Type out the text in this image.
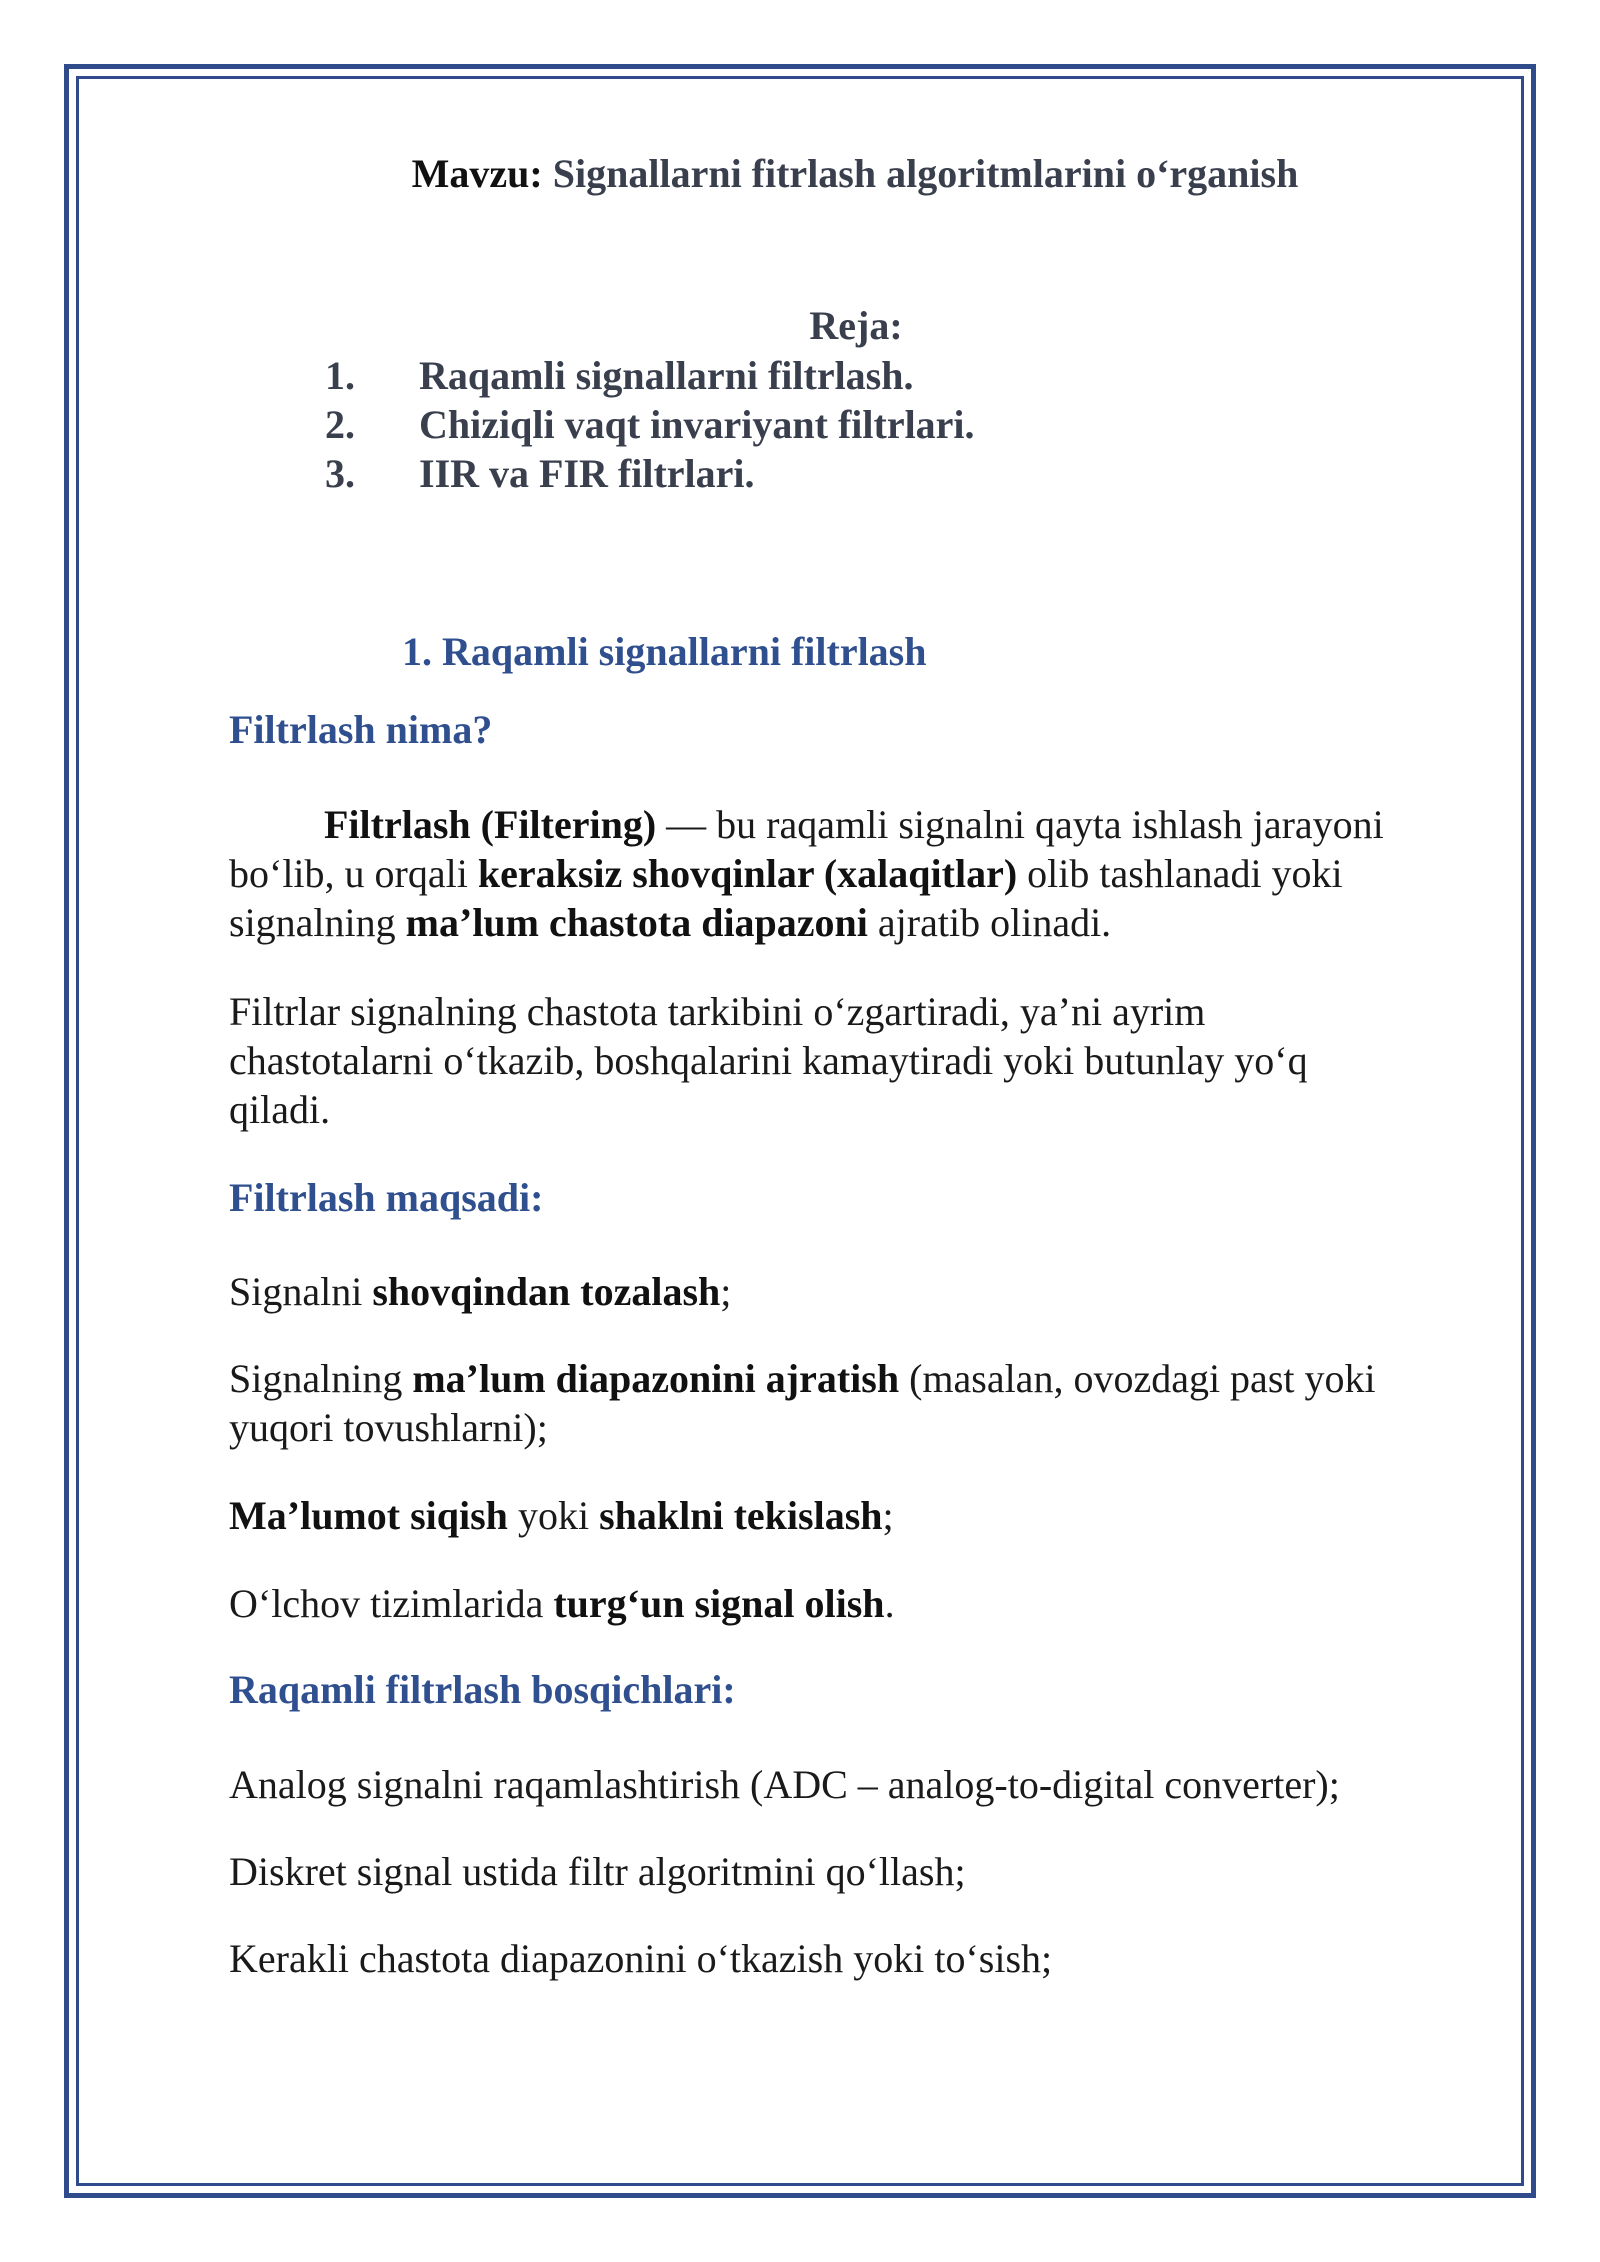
Mavzu: Signallarni fitrlash algoritmlarini o‘rganish
Reja:
1. Raqamli signallarni filtrlash.
2. Chiziqli vaqt invariyant filtrlari.
3. IIR va FIR filtrlari.
1. Raqamli signallarni filtrlash
Filtrlash nima?
Filtrlash (Filtering) — bu raqamli signalni qayta ishlash jarayoni bo‘lib, u orqali keraksiz shovqinlar (xalaqitlar) olib tashlanadi yoki signalning ma’lum chastota diapazoni ajratib olinadi.
Filtrlar signalning chastota tarkibini o‘zgartiradi, ya’ni ayrim chastotalarni o‘tkazib, boshqalarini kamaytiradi yoki butunlay yo‘q qiladi.
Filtrlash maqsadi:
Signalni shovqindan tozalash;
Signalning ma’lum diapazonini ajratish (masalan, ovozdagi past yoki yuqori tovushlarni);
Ma’lumot siqish yoki shaklni tekislash;
O‘lchov tizimlarida turg‘un signal olish.
Raqamli filtrlash bosqichlari:
Analog signalni raqamlashtirish (ADC – analog-to-digital converter);
Diskret signal ustida filtr algoritmini qo‘llash;
Kerakli chastota diapazonini o‘tkazish yoki to‘sish;
